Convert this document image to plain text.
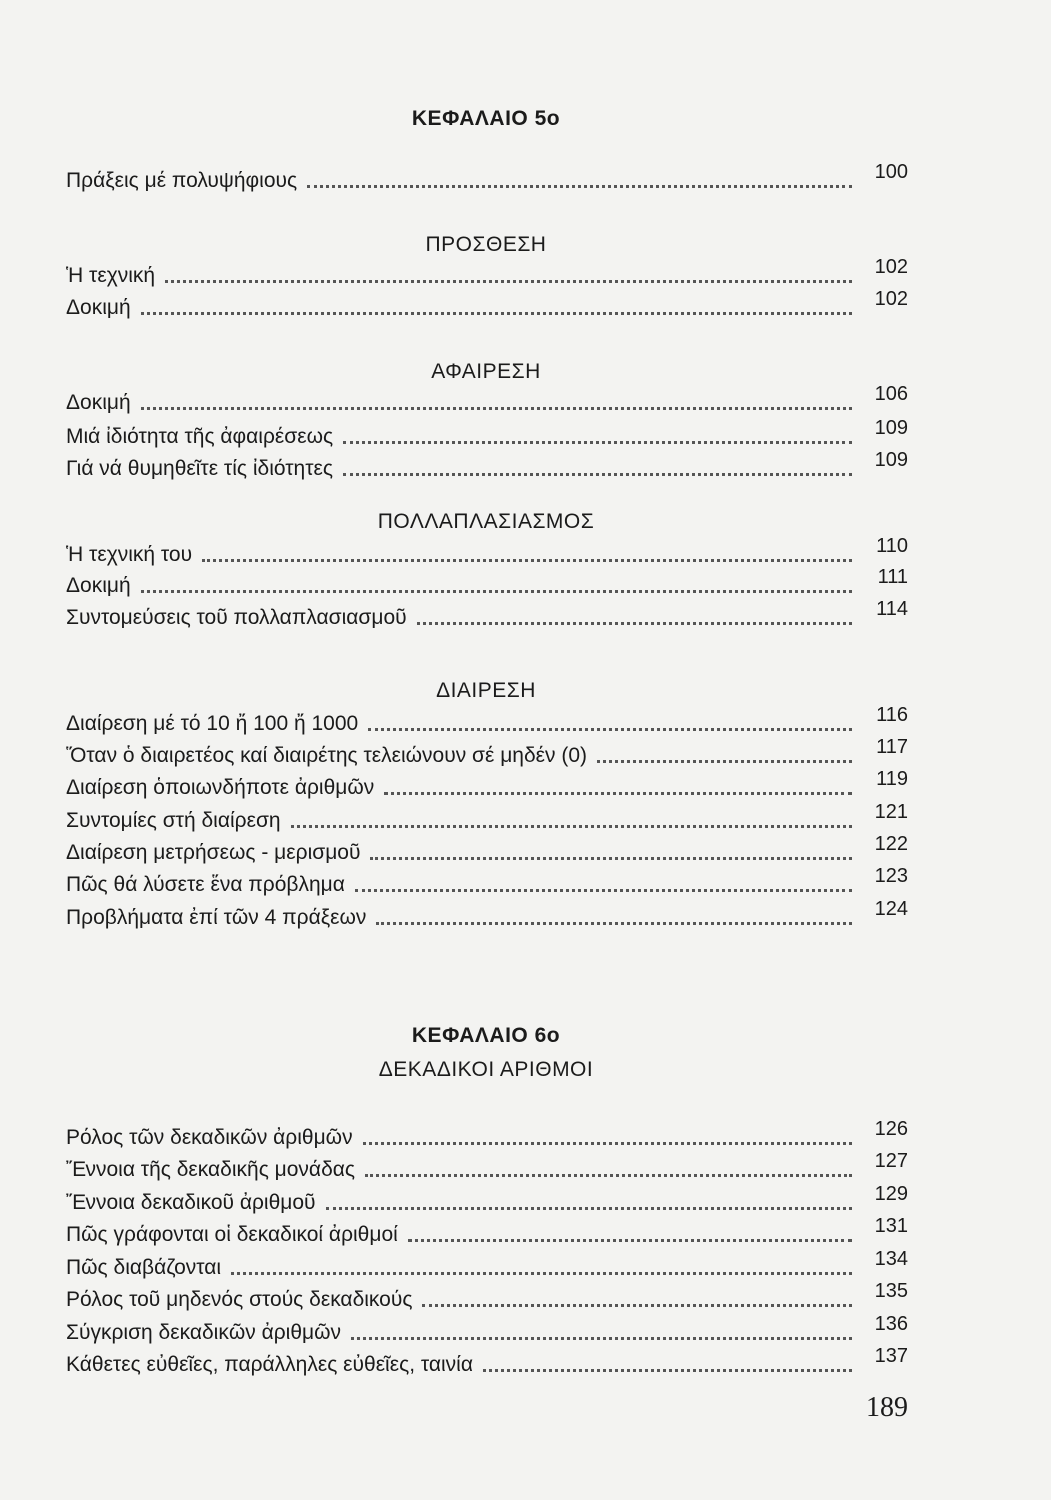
189
ΚΕΦΑΛΑΙΟ 5ο
Πράξεις μέ πολυψήφιους	100
ΠΡΟΣΘΕΣΗ
Ἡ τεχνική	102
Δοκιμή	102
ΑΦΑΙΡΕΣΗ
Δοκιμή	106
Μιά ἰδιότητα τῆς ἀφαιρέσεως	109
Γιά νά θυμηθεῖτε τίς ἰδιότητες	109
ΠΟΛΛΑΠΛΑΣΙΑΣΜΟΣ
Ἡ τεχνική του	110
Δοκιμή	111
Συντομεύσεις τοῦ πολλαπλασιασμοῦ	114
ΔΙΑΙΡΕΣΗ
Διαίρεση μέ τό 10 ἤ 100 ἤ 1000	116
Ὅταν ὁ διαιρετέος καί διαιρέτης τελειώνουν σέ μηδέν (0)	117
Διαίρεση ὁποιωνδήποτε ἀριθμῶν	119
Συντομίες στή διαίρεση	121
Διαίρεση μετρήσεως - μερισμοῦ	122
Πῶς θά λύσετε ἕνα πρόβλημα	123
Προβλήματα ἐπί τῶν 4 πράξεων	124
ΚΕΦΑΛΑΙΟ 6ο
ΔΕΚΑΔΙΚΟΙ ΑΡΙΘΜΟΙ
Ρόλος τῶν δεκαδικῶν ἀριθμῶν	126
Ἔννοια τῆς δεκαδικῆς μονάδας	127
Ἔννοια δεκαδικοῦ ἀριθμοῦ	129
Πῶς γράφονται οἱ δεκαδικοί ἀριθμοί	131
Πῶς διαβάζονται	134
Ρόλος τοῦ μηδενός στούς δεκαδικούς	135
Σύγκριση δεκαδικῶν ἀριθμῶν	136
Κάθετες εὐθεῖες, παράλληλες εὐθεῖες, ταινία	137
